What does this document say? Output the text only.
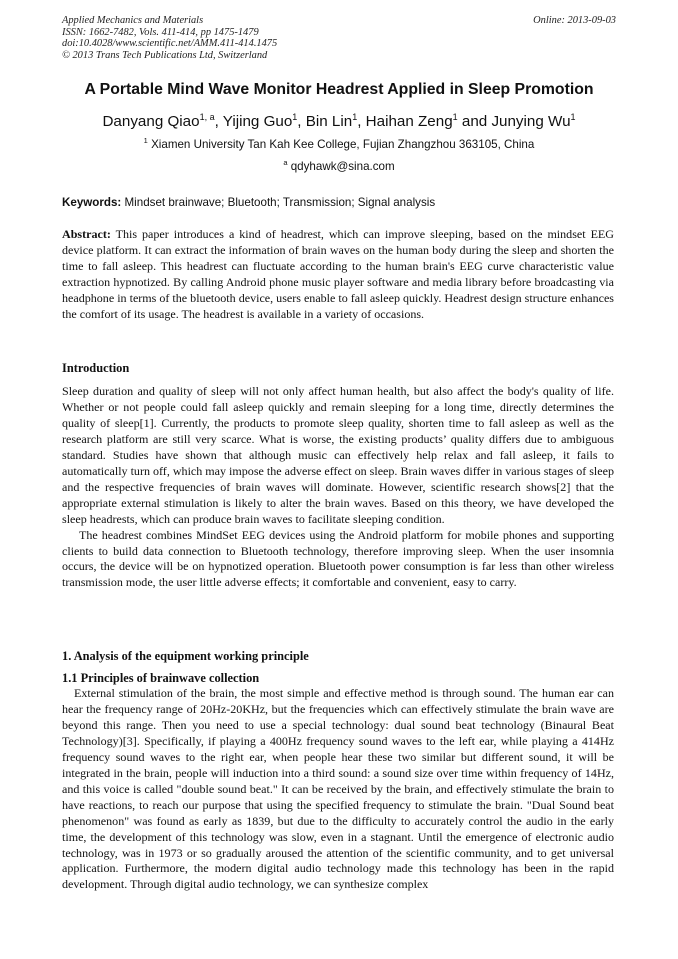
Applied Mechanics and Materials
ISSN: 1662-7482, Vols. 411-414, pp 1475-1479
doi:10.4028/www.scientific.net/AMM.411-414.1475
© 2013 Trans Tech Publications Ltd, Switzerland
Online: 2013-09-03
A Portable Mind Wave Monitor Headrest Applied in Sleep Promotion
Danyang Qiao$^{1, a}$, Yijing Guo$^1$, Bin Lin$^1$, Haihan Zeng$^1$ and Junying Wu$^1$
$^1$ Xiamen University Tan Kah Kee College, Fujian Zhangzhou 363105, China
$^a$ qdyhawk@sina.com
Keywords: Mindset brainwave; Bluetooth; Transmission; Signal analysis

Abstract: This paper introduces a kind of headrest, which can improve sleeping, based on the mindset EEG device platform. It can extract the information of brain waves on the human body during the sleep and shorten the time to fall asleep. This headrest can fluctuate according to the human brain's EEG curve characteristic value extraction hypnotized. By calling Android phone music player software and media library before broadcasting via headphone in terms of the bluetooth device, users enable to fall asleep quickly. Headrest design structure enhances the comfort of its usage. The headrest is available in a variety of occasions.

Introduction

Sleep duration and quality of sleep will not only affect human health, but also affect the body's quality of life. Whether or not people could fall asleep quickly and remain sleeping for a long time, directly determines the quality of sleep[1]. Currently, the products to promote sleep quality, shorten time to fall asleep as well as the research platform are still very scarce. What is worse, the existing products’ quality differs due to ambiguous standard. Studies have shown that although music can effectively help relax and fall asleep, it fails to automatically turn off, which may impose the adverse effect on sleep. Brain waves differ in various stages of sleep and the respective frequencies of brain waves will dominate. However, scientific research shows[2] that the appropriate external stimulation is likely to alter the brain waves. Based on this theory, we have developed the sleep headrests, which can produce brain waves to facilitate sleeping condition.

The headrest combines MindSet EEG devices using the Android platform for mobile phones and supporting clients to build data connection to Bluetooth technology, therefore improving sleep. When the user insomnia occurs, the device will be on hypnotized operation. Bluetooth power consumption is far less than other wireless transmission mode, the user little adverse effects; it comfortable and convenient, easy to carry.

1. Analysis of the equipment working principle
1.1 Principles of brainwave collection

External stimulation of the brain, the most simple and effective method is through sound. The human ear can hear the frequency range of 20Hz-20KHz, but the frequencies which can effectively stimulate the brain wave are beyond this range. Then you need to use a special technology: dual sound beat technology (Binaural Beat Technology)[3]. Specifically, if playing a 400Hz frequency sound waves to the left ear, while playing a 414Hz frequency sound waves to the right ear, when people hear these two similar but different sound, it will be integrated in the brain, people will induction into a third sound: a sound size over time within frequency of 14Hz, and this voice is called "double sound beat." It can be received by the brain, and effectively stimulate the brain to have reactions, to reach our purpose that using the specified frequency to stimulate the brain. "Dual Sound beat phenomenon" was found as early as 1839, but due to the difficulty to accurately control the audio in the early time, the development of this technology was slow, even in a stagnant. Until the emergence of electronic audio technology, was in 1973 or so gradually aroused the attention of the scientific community, and to get universal application. Furthermore, the modern digital audio technology made this technology has been in the rapid development. Through digital audio technology, we can synthesize complex
